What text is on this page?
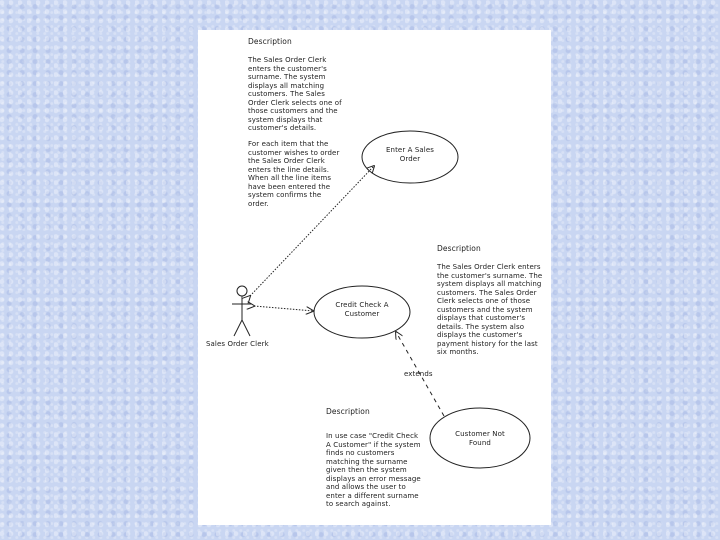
Sales Order Clerk
Enter A Sales Order
Credit Check A Customer
Customer Not Found
extends
Description
The Sales Order Clerk enters the customer's surname. The system displays all matching customers. The Sales Order Clerk selects one of those customers and the system displays that customer's details.
For each item that the customer wishes to order the Sales Order Clerk enters the line details. When all the line items have been entered the system confirms the order.
Description
The Sales Order Clerk enters the customer's surname. The system displays all matching customers. The Sales Order Clerk selects one of those customers and the system displays that customer's details. The system also displays the customer's payment history for the last six months.
Description
In use case "Credit Check A Customer" if the system finds no customers matching the surname given then the system displays an error message and allows the user to enter a different surname to search against.
